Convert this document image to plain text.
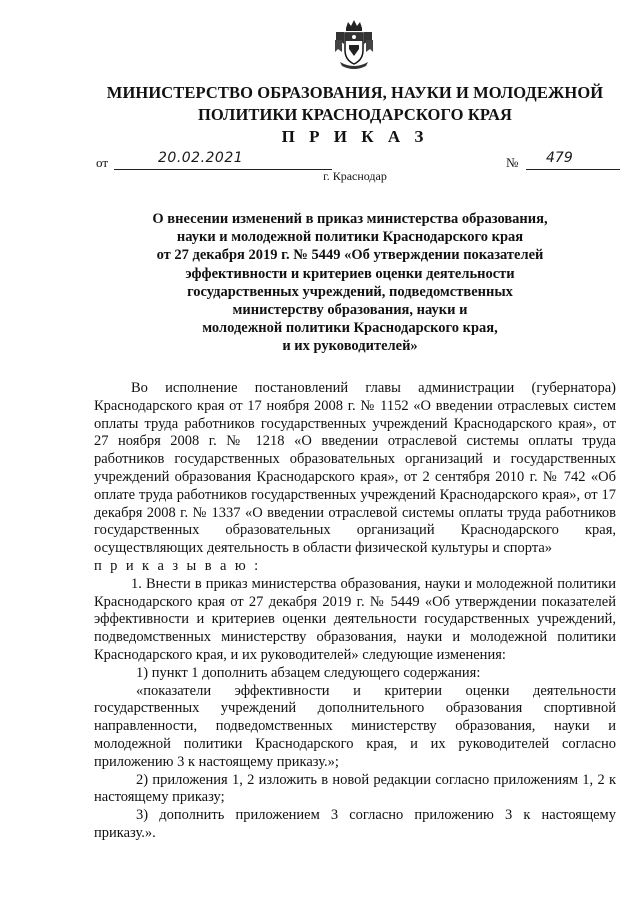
МИНИСТЕРСТВО ОБРАЗОВАНИЯ, НАУКИ И МОЛОДЕЖНОЙ
ПОЛИТИКИ КРАСНОДАРСКОГО КРАЯ
П Р И К А З
от	20.02.2021	№ 479
г. Краснодар
О внесении изменений в приказ министерства образования,
науки и молодежной политики Краснодарского края
от 27 декабря 2019 г. № 5449 «Об утверждении показателей
эффективности и критериев оценки деятельности
государственных учреждений, подведомственных
министерству образования, науки и
молодежной политики Краснодарского края,
и их руководителей»

Во исполнение постановлений главы администрации (губернатора) Краснодарского края от 17 ноября 2008 г. № 1152 «О введении отраслевых систем оплаты труда работников государственных учреждений Краснодарского края», от 27 ноября 2008 г. № 1218 «О введении отраслевой системы оплаты труда работников государственных образовательных организаций и государственных учреждений образования Краснодарского края», от 2 сентября 2010 г. № 742 «Об оплате труда работников государственных учреждений Краснодарского края», от 17 декабря 2008 г. № 1337 «О введении отраслевой системы оплаты труда работников государственных образовательных организаций Краснодарского края, осуществляющих деятельность в области физической культуры и спорта»

п р и к а з ы в а ю :

1. Внести в приказ министерства образования, науки и молодежной политики Краснодарского края от 27 декабря 2019 г. № 5449 «Об утверждении показателей эффективности и критериев оценки деятельности государственных учреждений, подведомственных министерству образования, науки и молодежной политики Краснодарского края, и их руководителей» следующие изменения:

1) пункт 1 дополнить абзацем следующего содержания:

«показатели эффективности и критерии оценки деятельности государственных учреждений дополнительного образования спортивной направленности, подведомственных министерству образования, науки и молодежной политики Краснодарского края, и их руководителей согласно приложению 3 к настоящему приказу.»;

2) приложения 1, 2 изложить в новой редакции согласно приложениям 1, 2 к настоящему приказу;

3) дополнить приложением 3 согласно приложению 3 к настоящему приказу.».
